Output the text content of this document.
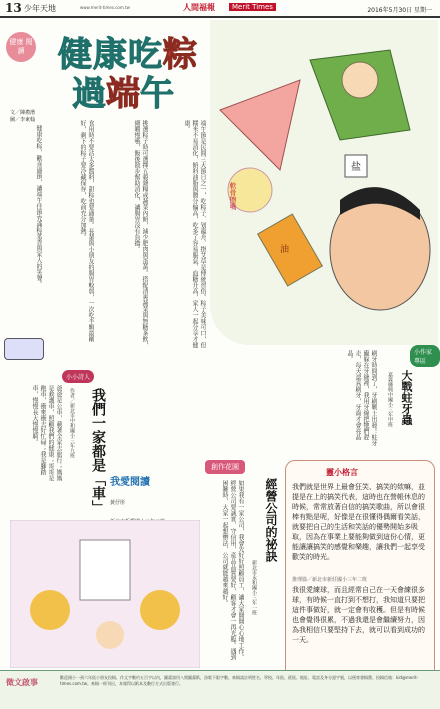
13 少年天地	www.merit-times.com.tw	人間福報	Merit Times	2016年5月30日 星期一
健康 閱讀 健康吃粽
過端午
文／陳禮潛
圖／李東翰	端午節是民間三大節日之一，吃粽子、划龍舟、掛艾草是傳統習俗。粽子美味可口，但糯米不易消化，餡料油脂與鹽分偏高，吃多了容易脹氣、血糖升高，家人一起分享才健康。
挑選粽子時可選擇五穀雜糧或蔬菜內餡，減少肥肉與蛋黃。搭配清爽蔬菜與無糖茶飲，細嚼慢嚥，飯後散步幫助消化，讓腸胃沒有負擔。
食用時不要沾太多醬料，甜粽也要適量。長輩與小朋友的腸胃較弱，一次吃半顆最剛好，剩下的粽子要冷藏保存，吃前充分加熱。
健康吃粽，歡喜過節，讓端午佳節充滿粽葉香與家人的笑聲。	軟骨擦嘴
盐
油
小小詩人
我們一家都是「車」
作者／新北市中和國小三年九班
爸爸是公車，載著全家去旅行；媽媽是救護車，照顧我們的健康；哥哥是跑車，衝來衝去好忙碌；我是腳踏車，慢慢長大慢慢騎。
小作家專區
大戰蛀牙蟲
嘉義縣興中國小三年甲班
刷牙時間到了，牙刷戰士出發！蛀牙蟲躲在牙縫裡，我用牙線把牠們趕走，每天認真刷牙，牙齒才會亮晶晶。
創作花園
經營公司的祕訣
新北市永和國小三年一班
如果我有一家公司，我會先好好照顧員工，讓大家開開心心地工作。經營公司要誠實、守信用，產品品質要好，顧客才會一再光臨。遇到困難時，大家一起想辦法，公司就能越來越好。
我愛閱讀
黃仔彤

靈小格言
我們就是世界上最會狂笑、搞笑的欸嘛，並提是在上的搞笑代表，這時也在營帳休息的時候，常常放著自信的搞笑歌曲，所以會很棒有點是呢，好像是在很懂得偶爾看笑話，就要把自己的生活和笑話的優勢開始多吸取，因為在事業上要能夠做到這份心情，更能讓讓搞笑的感覺和樂趣，讓我們一起享受歡笑的時光。
推理篇／新北市新莊國小三年二班
我很愛練球，而且經常自己在一天會練很多球，有時候一直打到不想打，我知道只要把這件事做好，就一定會有收穫。但是有時候也會覺得很累，不過我還是會繼續努力，因為我相信只要堅持下去，就可以看到成功的一天。
徵文啟事
歡迎國小一到六年級小朋友投稿，作文字數約五百字以內，圖畫請用八開圖畫紙，詩歌不限字數。來稿請註明姓名、學校、年級、班級、地址、電話及身分證字號，以便寄發稿費。投稿信箱：kid@merit-times.com.tw。來稿一經刊出，本報得以紙本及數位方式出版發行。
